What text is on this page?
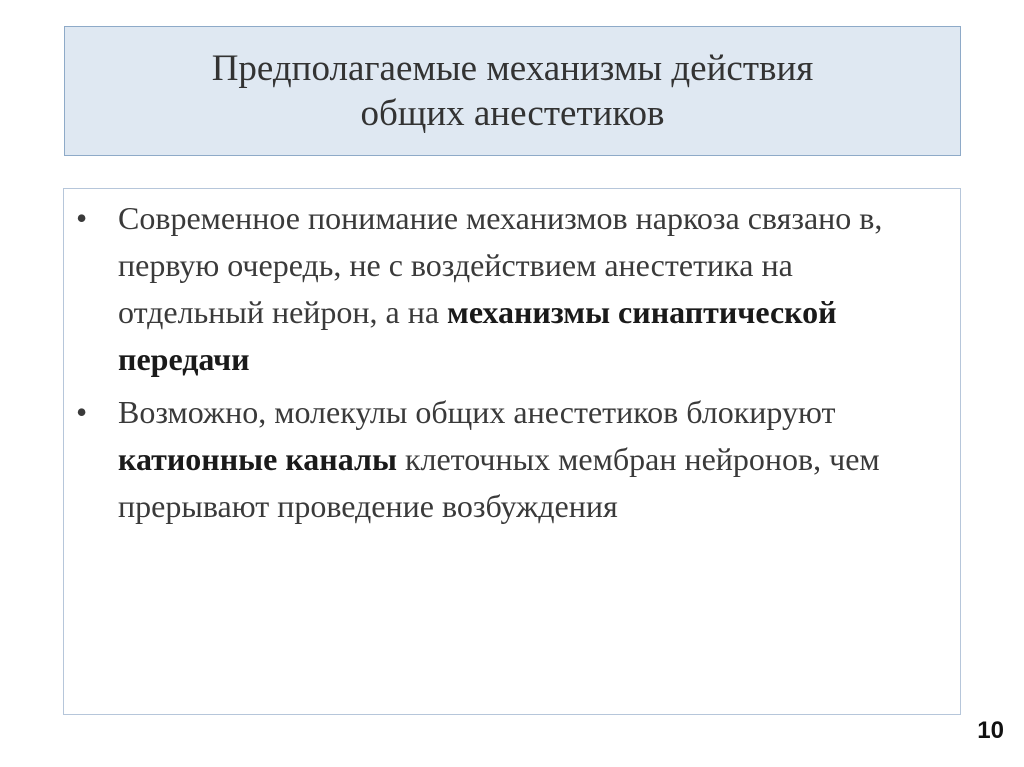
Предполагаемые механизмы действия общих анестетиков
• Современное понимание механизмов наркоза связано в, первую очередь, не с воздействием анестетика на отдельный нейрон, а на механизмы синаптической передачи
• Возможно, молекулы общих анестетиков блокируют катионные каналы клеточных мембран нейронов, чем прерывают проведение возбуждения
10
